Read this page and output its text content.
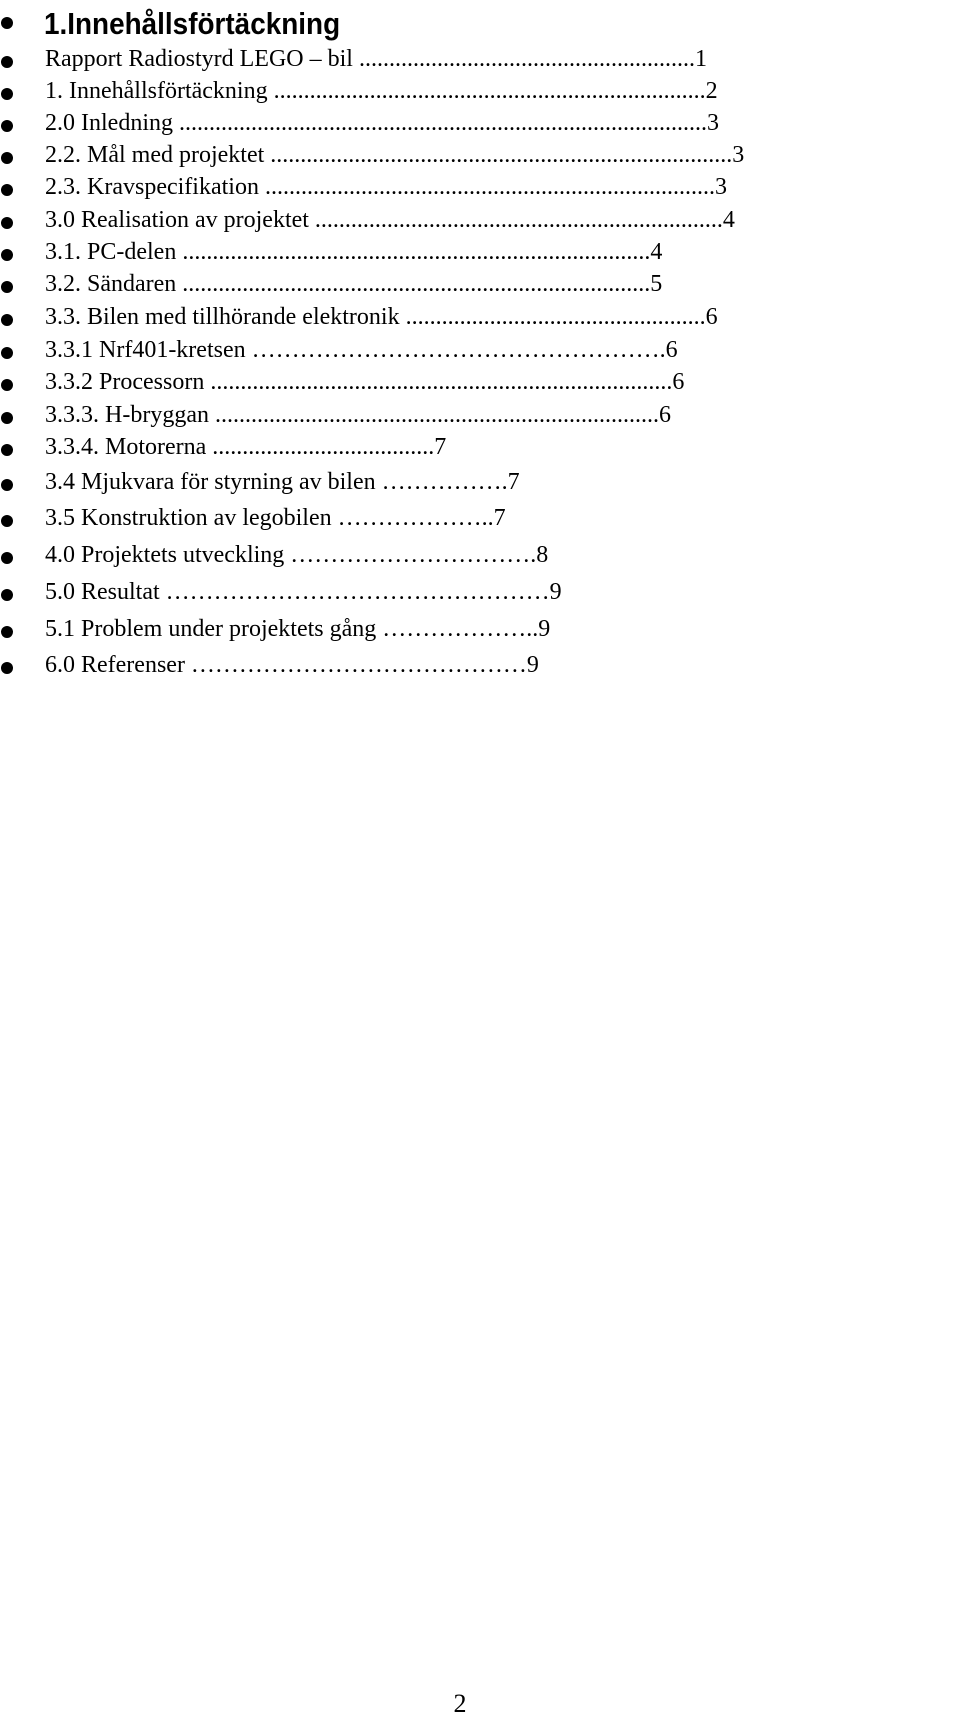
1.Innehållsförtäckning
Rapport Radiostyrd LEGO – bil ........................................................1
1. Innehållsförtäckning ........................................................................2
2.0 Inledning ........................................................................................3
2.2. Mål med projektet .............................................................................3
2.3. Kravspecifikation ...........................................................................3
3.0 Realisation av projektet ....................................................................4
3.1. PC-delen ..............................................................................4
3.2. Sändaren ..............................................................................5
3.3. Bilen med tillhörande elektronik ..................................................6
3.3.1 Nrf401-kretsen …………………………………………….6
3.3.2 Processorn .............................................................................6
3.3.3. H-bryggan ..........................................................................6
3.3.4. Motorerna .....................................7
3.4 Mjukvara för styrning av bilen …………….7
3.5 Konstruktion av legobilen ………………..7
4.0 Projektets utveckling ………………………….8
5.0 Resultat …………………………………………9
5.1 Problem under projektets gång ………………..9
6.0 Referenser ……………………………………9
2
